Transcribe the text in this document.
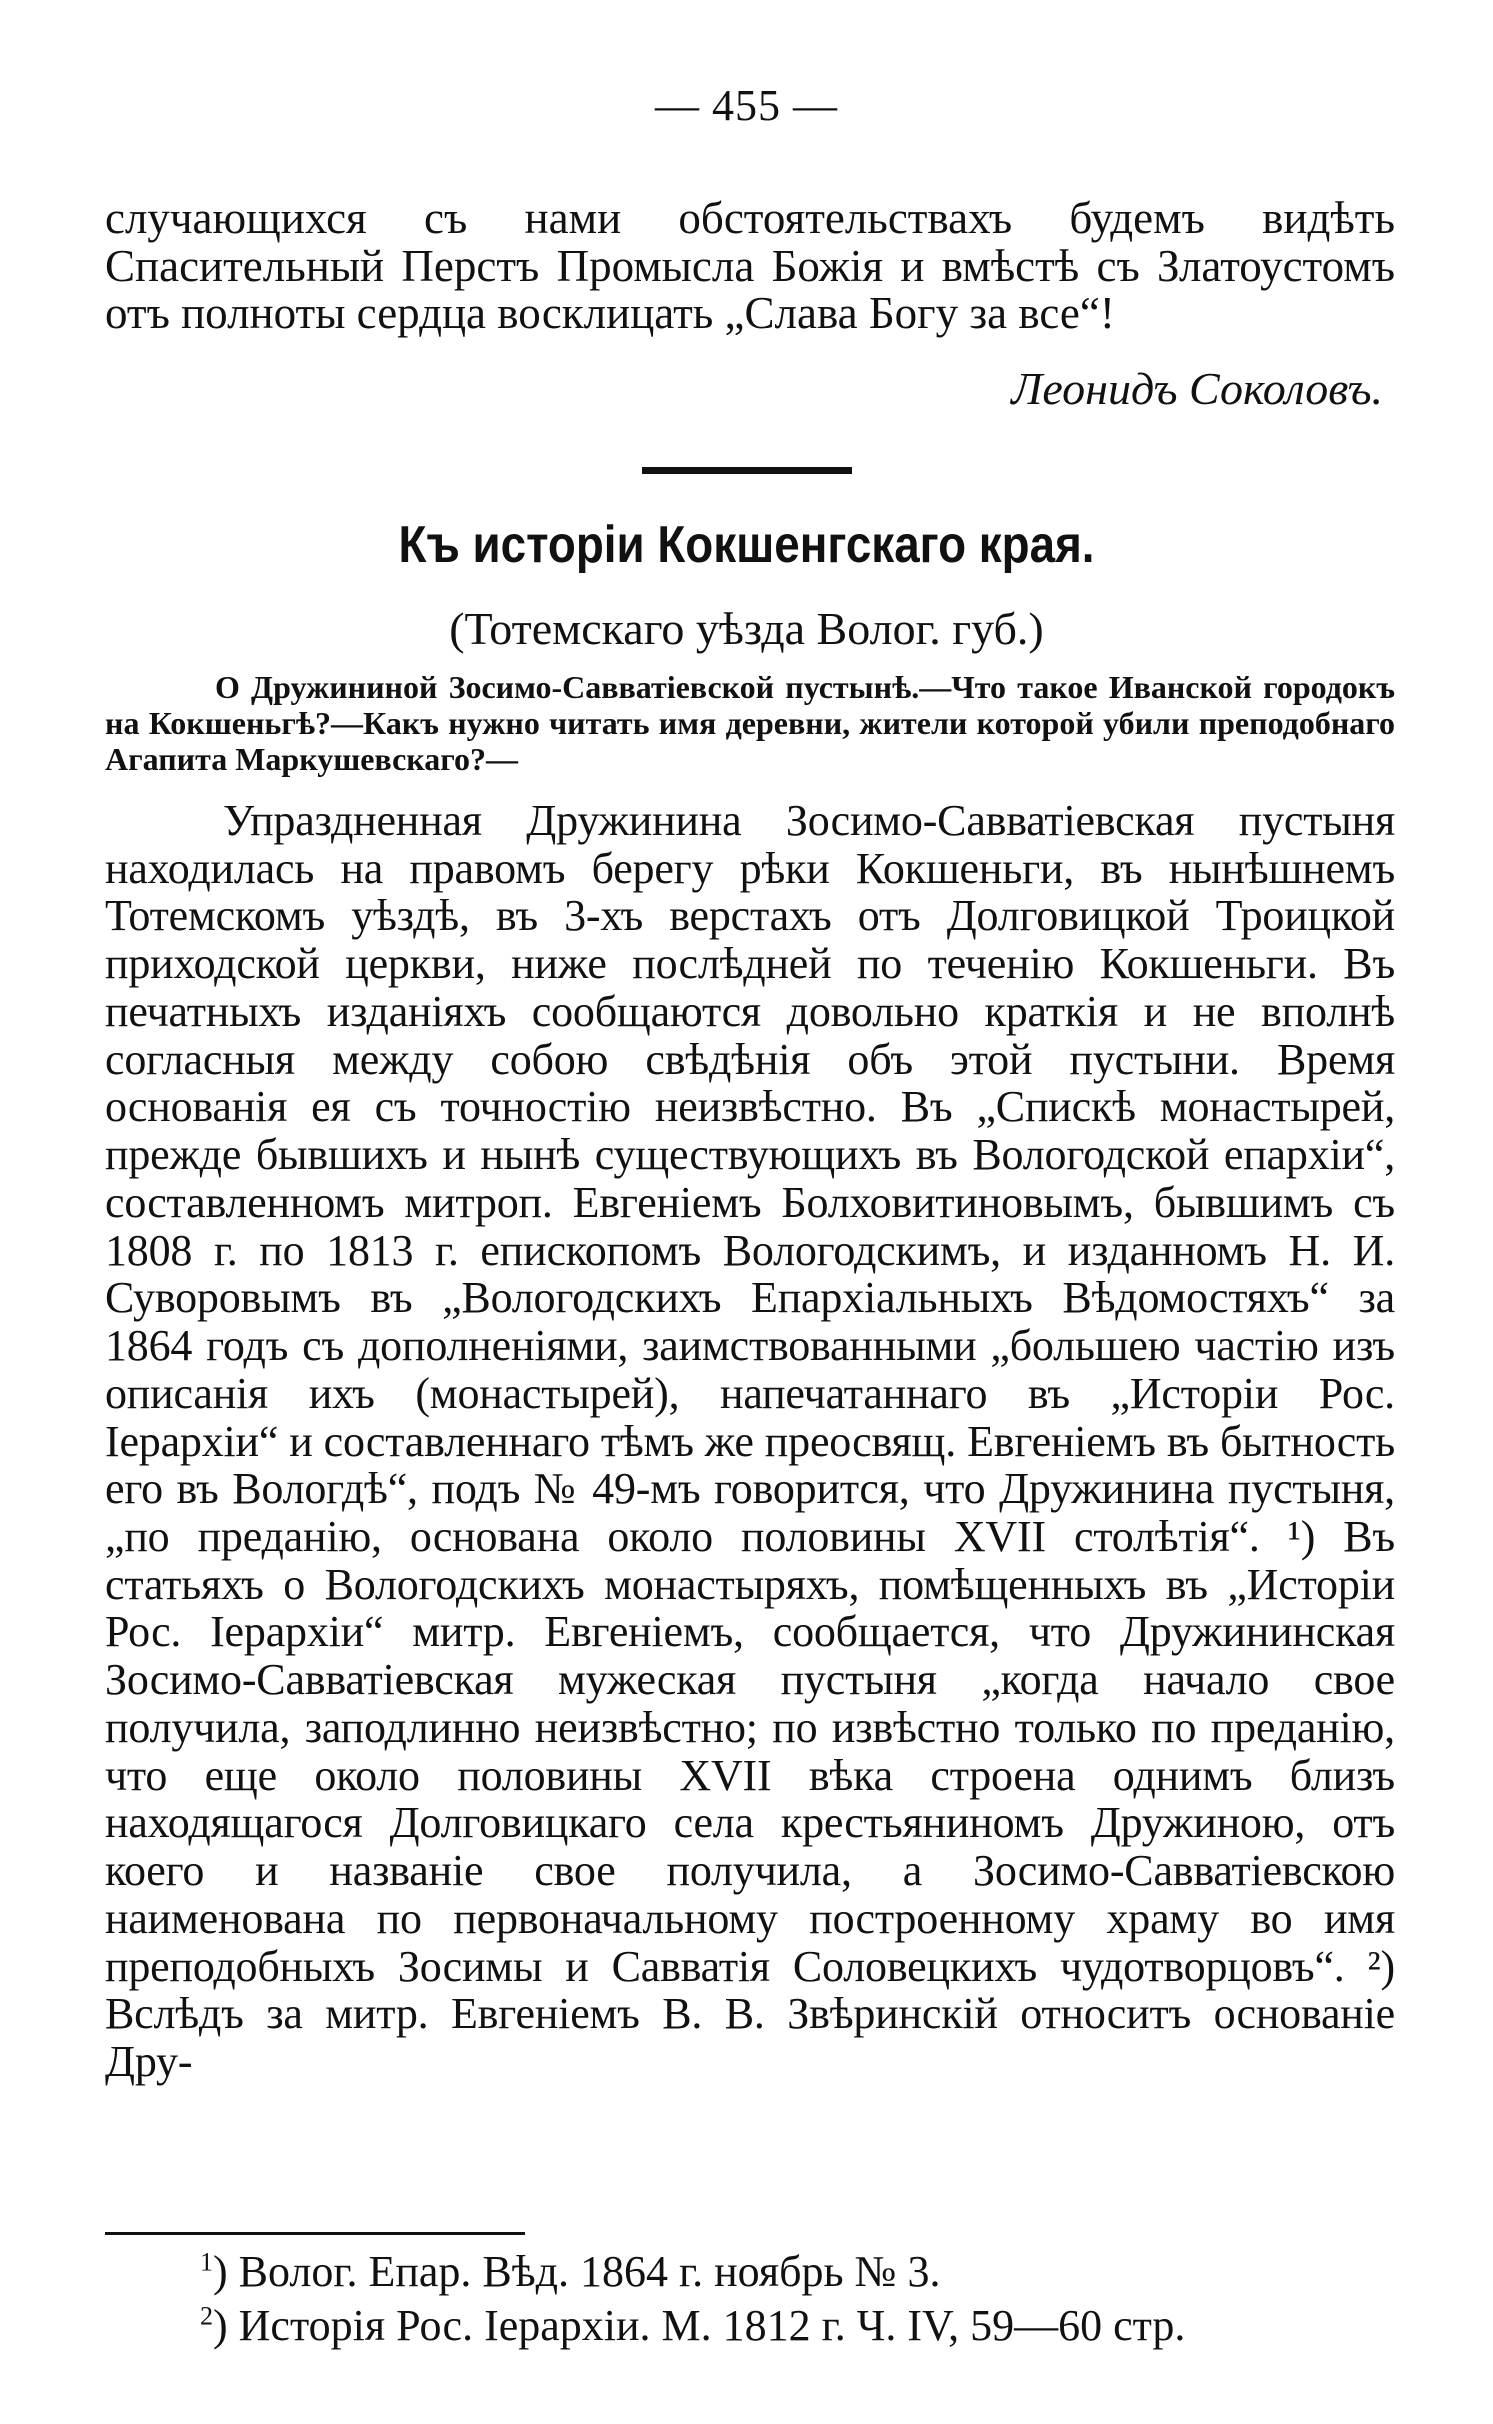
— 455 —
случающихся съ нами обстоятельствахъ будемъ видѣть Спасительный Перстъ Промысла Божія и вмѣстѣ съ Златоустомъ отъ полноты сердца восклицать „Слава Богу за все“!
Леонидъ Соколовъ.
Къ исторіи Кокшенгскаго края.
(Тотемскаго уѣзда Волог. губ.)
О Дружининой Зосимо-Савватіевской пустынѣ.—Что такое Иванской городокъ на Кокшеньгѣ?—Какъ нужно читать имя деревни, жители которой убили преподобнаго Агапита Маркушевскаго?—
Упраздненная Дружинина Зосимо-Савватіевская пустыня находилась на правомъ берегу рѣки Кокшеньги, въ нынѣшнемъ Тотемскомъ уѣздѣ, въ 3-хъ верстахъ отъ Долговицкой Троицкой приходской церкви, ниже послѣдней по теченію Кокшеньги. Въ печатныхъ изданіяхъ сообщаются довольно краткія и не вполнѣ согласныя между собою свѣдѣнія объ этой пустыни. Время основанія ея съ точностію неизвѣстно. Въ „Спискѣ монастырей, прежде бывшихъ и нынѣ существующихъ въ Вологодской епархіи“, составленномъ митроп. Евгеніемъ Болховитиновымъ, бывшимъ съ 1808 г. по 1813 г. епископомъ Вологодскимъ, и изданномъ Н. И. Суворовымъ въ „Вологодскихъ Епархіальныхъ Вѣдомостяхъ“ за 1864 годъ съ дополненіями, заимствованными „большею частію изъ описанія ихъ (монастырей), напечатаннаго въ „Исторіи Рос. Іерархіи“ и составленнаго тѣмъ же преосвящ. Евгеніемъ въ бытность его въ Вологдѣ“, подъ № 49-мъ говорится, что Дружинина пустыня, „по преданію, основана около половины XVII столѣтія“. ¹) Въ статьяхъ о Вологодскихъ монастыряхъ, помѣщенныхъ въ „Исторіи Рос. Іерархіи“ митр. Евгеніемъ, сообщается, что Дружининская Зосимо-Савватіевская мужеская пустыня „когда начало свое получила, заподлинно неизвѣстно; по извѣстно только по преданію, что еще около половины XVII вѣка строена однимъ близъ находящагося Долговицкаго села крестьяниномъ Дружиною, отъ коего и названіе свое получила, а Зосимо-Савватіевскою наименована по первоначальному построенному храму во имя преподобныхъ Зосимы и Савватія Соловецкихъ чудотворцовъ“. ²) Вслѣдъ за митр. Евгеніемъ В. В. Звѣринскій относитъ основаніе Дру-
$^1$) Волог. Епар. Вѣд. 1864 г. ноябрь № 3.
$^2$) Исторія Рос. Іерархіи. М. 1812 г. Ч. IV, 59—60 стр.
